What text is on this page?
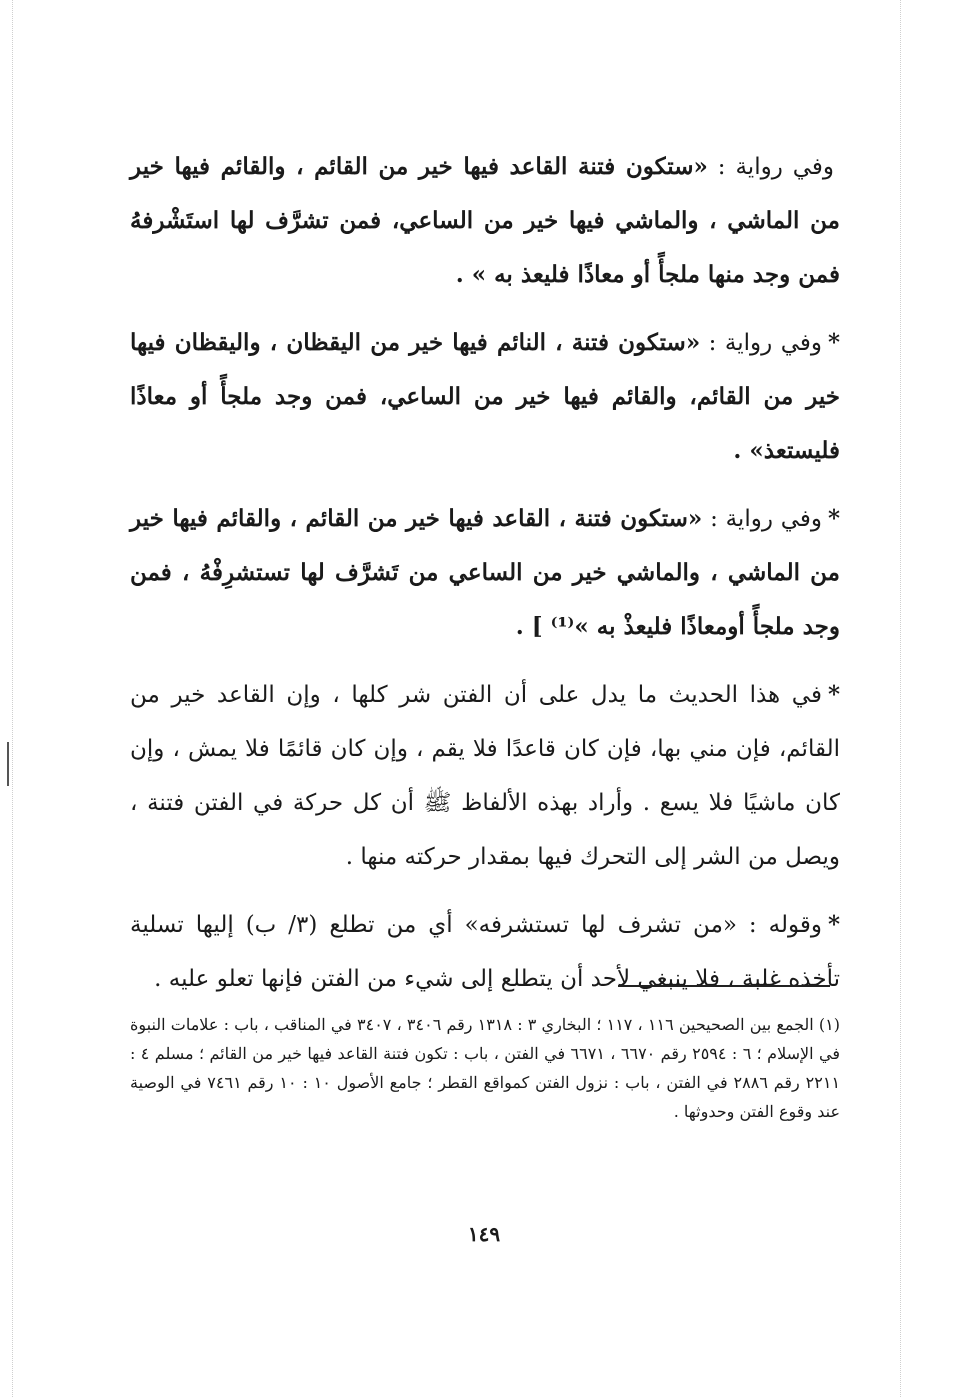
وفي رواية : «ستكون فتنة القاعد فيها خير من القائم ، والقائم فيها خير من الماشي ، والماشي فيها خير من الساعي، فمن تشرَّف لها استَشْرفهُ فمن وجد منها ملجأً أو معاذًا فليعذ به » .

*وفي رواية : «ستكون فتنة ، النائم فيها خير من اليقظان ، واليقظان فيها خير من القائم، والقائم فيها خير من الساعي، فمن وجد ملجأً أو معاذًا فليستعذ» .

*وفي رواية : «ستكون فتنة ، القاعد فيها خير من القائم ، والقائم فيها خير من الماشي ، والماشي خير من الساعي من تَشرَّف لها تستشرِفْهُ ، فمن وجد ملجأً أومعاذًا فليعذْ به »⁽¹⁾ ] .

*في هذا الحديث ما يدل على أن الفتن شر كلها ، وإن القاعد خير من القائم، فإن مني بها، فإن كان قاعدًا فلا يقم ، وإن كان قائمًا فلا يمش ، وإن كان ماشيًا فلا يسع . وأراد بهذه الألفاظ ﷺ أن كل حركة في الفتن فتنة ، ويصل من الشر إلى التحرك فيها بمقدار حركته منها .

*وقوله : «من تشرف لها تستشرفه» أي من تطلع (٣/ ب) إليها تسلية تأخذه غلبة ، فلا ينبغي لأحد أن يتطلع إلى شيء من الفتن فإنها تعلو عليه .

(١) الجمع بين الصحيحين ١١٦ ، ١١٧ ؛ البخاري ٣ : ١٣١٨ رقم ٣٤٠٦ ، ٣٤٠٧ في المناقب ، باب : علامات النبوة في الإسلام ؛ ٦ : ٢٥٩٤ رقم ٦٦٧٠ ، ٦٦٧١ في الفتن ، باب : تكون فتنة القاعد فيها خير من القائم ؛ مسلم ٤ : ٢٢١١ رقم ٢٨٨٦ في الفتن ، باب : نزول الفتن كمواقع القطر ؛ جامع الأصول ١٠ : ١٠ رقم ٧٤٦١ في الوصية عند وقوع الفتن وحدوثها .
١٤٩
